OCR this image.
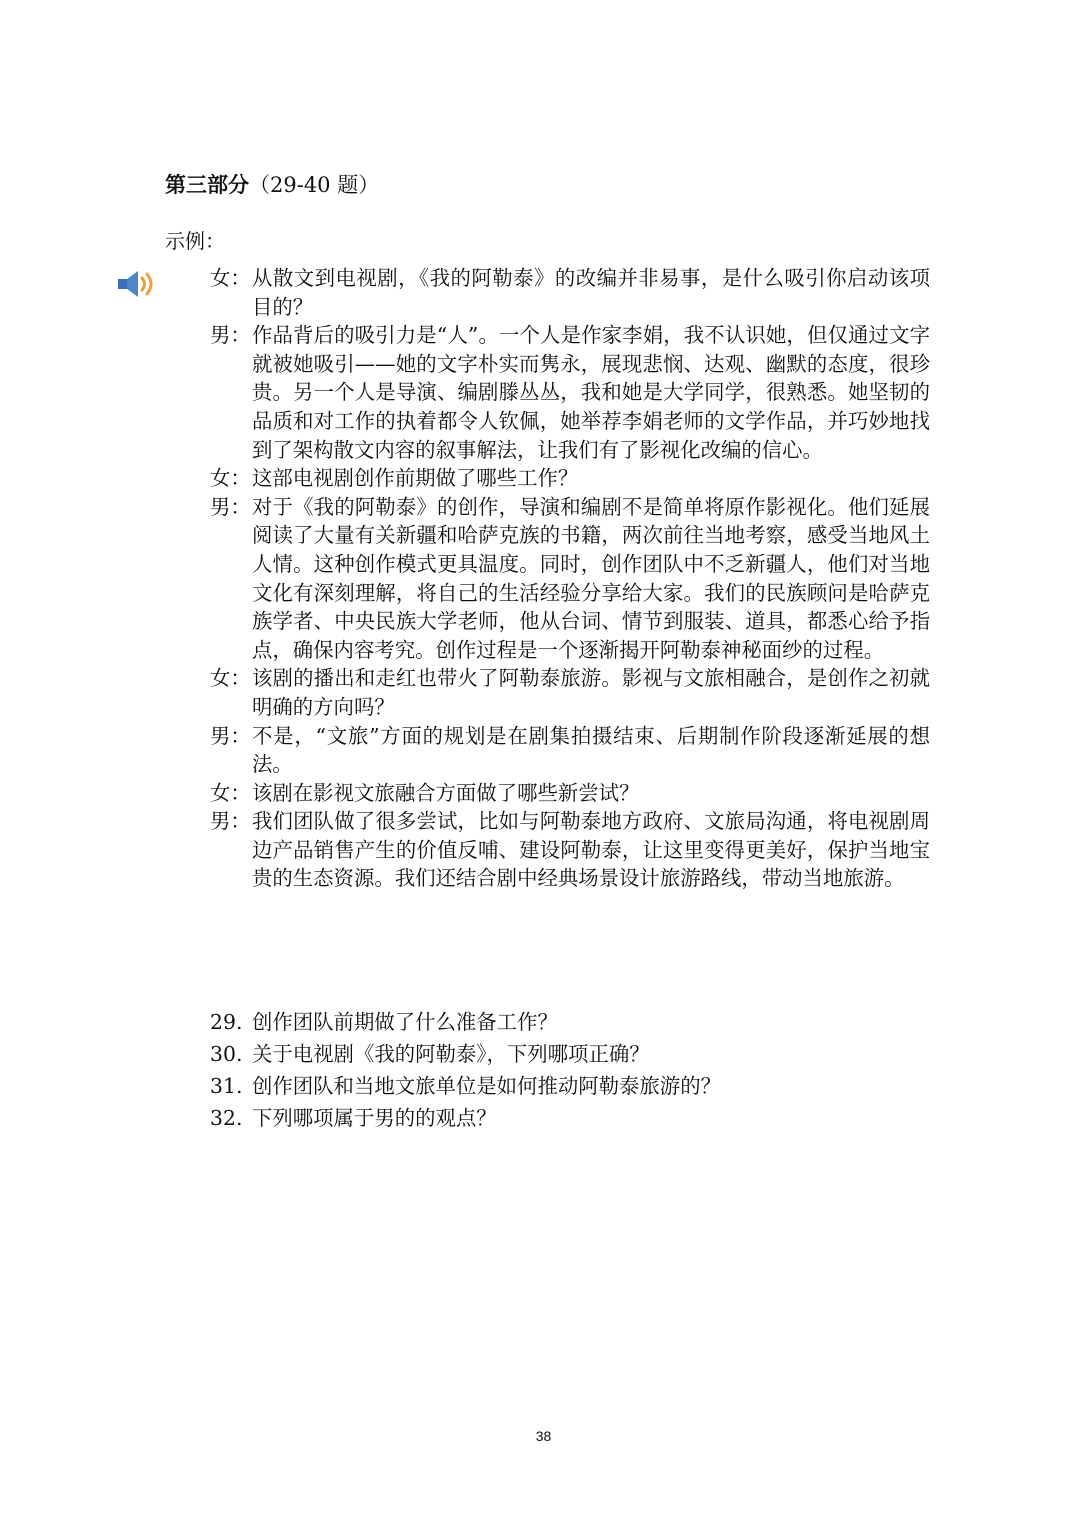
第三部分（29-40 题）
示例：
女： 从散文到电视剧，《我的阿勒泰》的改编并非易事，是什么吸引你启动该项目的？
男： 作品背后的吸引力是“人”。一个人是作家李娟，我不认识她，但仅通过文字就被她吸引——她的文字朴实而隽永，展现悲悯、达观、幽默的态度，很珍贵。另一个人是导演、编剧滕丛丛，我和她是大学同学，很熟悉。她坚韧的品质和对工作的执着都令人钦佩，她举荐李娟老师的文学作品，并巧妙地找到了架构散文内容的叙事解法，让我们有了影视化改编的信心。
女： 这部电视剧创作前期做了哪些工作？
男： 对于《我的阿勒泰》的创作，导演和编剧不是简单将原作影视化。他们延展阅读了大量有关新疆和哈萨克族的书籍，两次前往当地考察，感受当地风土人情。这种创作模式更具温度。同时，创作团队中不乏新疆人，他们对当地文化有深刻理解，将自己的生活经验分享给大家。我们的民族顾问是哈萨克族学者、中央民族大学老师，他从台词、情节到服装、道具，都悉心给予指点，确保内容考究。创作过程是一个逐渐揭开阿勒泰神秘面纱的过程。
女： 该剧的播出和走红也带火了阿勒泰旅游。影视与文旅相融合，是创作之初就明确的方向吗？
男： 不是，“文旅”方面的规划是在剧集拍摄结束、后期制作阶段逐渐延展的想法。
女： 该剧在影视文旅融合方面做了哪些新尝试？
男： 我们团队做了很多尝试，比如与阿勒泰地方政府、文旅局沟通，将电视剧周边产品销售产生的价值反哺、建设阿勒泰，让这里变得更美好，保护当地宝贵的生态资源。我们还结合剧中经典场景设计旅游路线，带动当地旅游。
29. 创作团队前期做了什么准备工作？
30. 关于电视剧《我的阿勒泰》，下列哪项正确？
31. 创作团队和当地文旅单位是如何推动阿勒泰旅游的？
32. 下列哪项属于男的的观点？
38
